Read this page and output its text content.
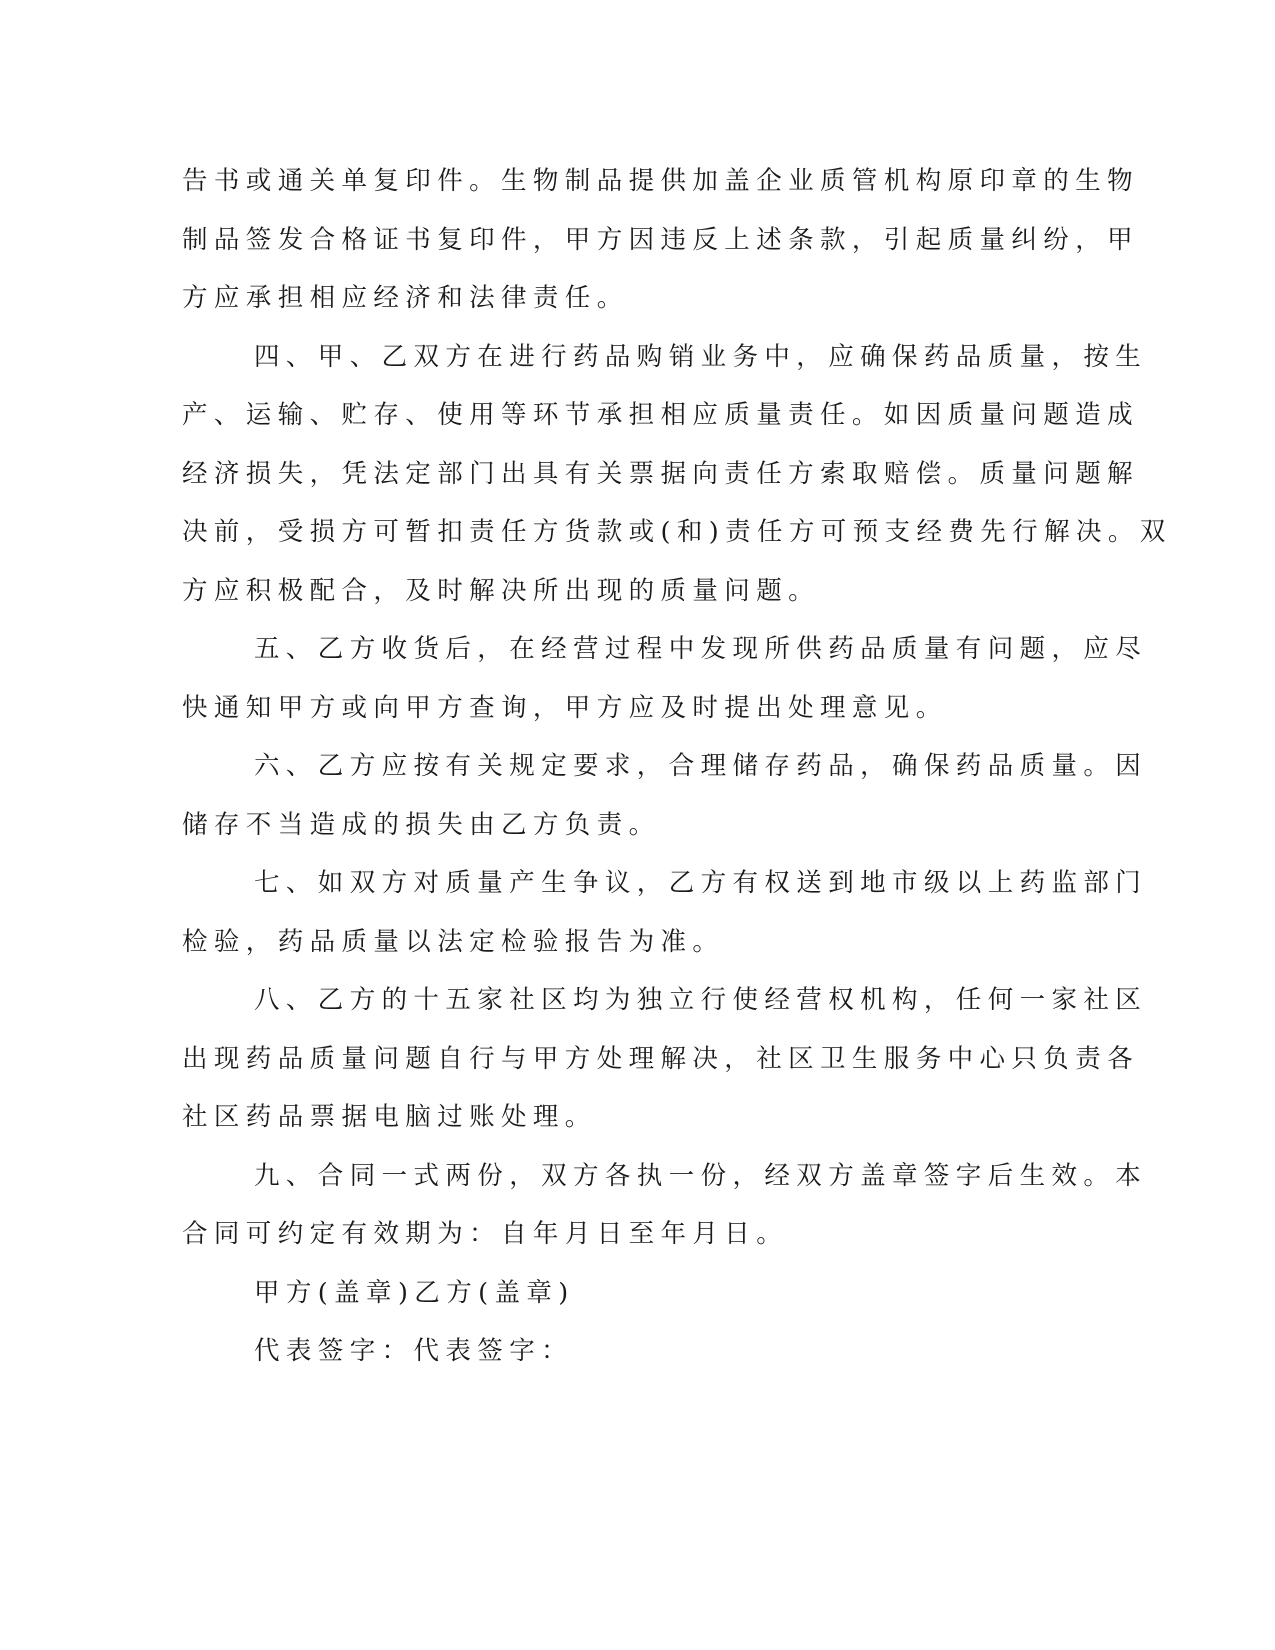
告书或通关单复印件。生物制品提供加盖企业质管机构原印章的生物
制品签发合格证书复印件，甲方因违反上述条款，引起质量纠纷，甲
方应承担相应经济和法律责任。
四、甲、乙双方在进行药品购销业务中，应确保药品质量，按生
产、运输、贮存、使用等环节承担相应质量责任。如因质量问题造成
经济损失，凭法定部门出具有关票据向责任方索取赔偿。质量问题解
决前，受损方可暂扣责任方货款或(和)责任方可预支经费先行解决。双
方应积极配合，及时解决所出现的质量问题。
五、乙方收货后，在经营过程中发现所供药品质量有问题，应尽
快通知甲方或向甲方查询，甲方应及时提出处理意见。
六、乙方应按有关规定要求，合理储存药品，确保药品质量。因
储存不当造成的损失由乙方负责。
七、如双方对质量产生争议，乙方有权送到地市级以上药监部门
检验，药品质量以法定检验报告为准。
八、乙方的十五家社区均为独立行使经营权机构，任何一家社区
出现药品质量问题自行与甲方处理解决，社区卫生服务中心只负责各
社区药品票据电脑过账处理。
九、合同一式两份，双方各执一份，经双方盖章签字后生效。本
合同可约定有效期为：自年月日至年月日。
甲方(盖章)乙方(盖章)
代表签字：代表签字：
